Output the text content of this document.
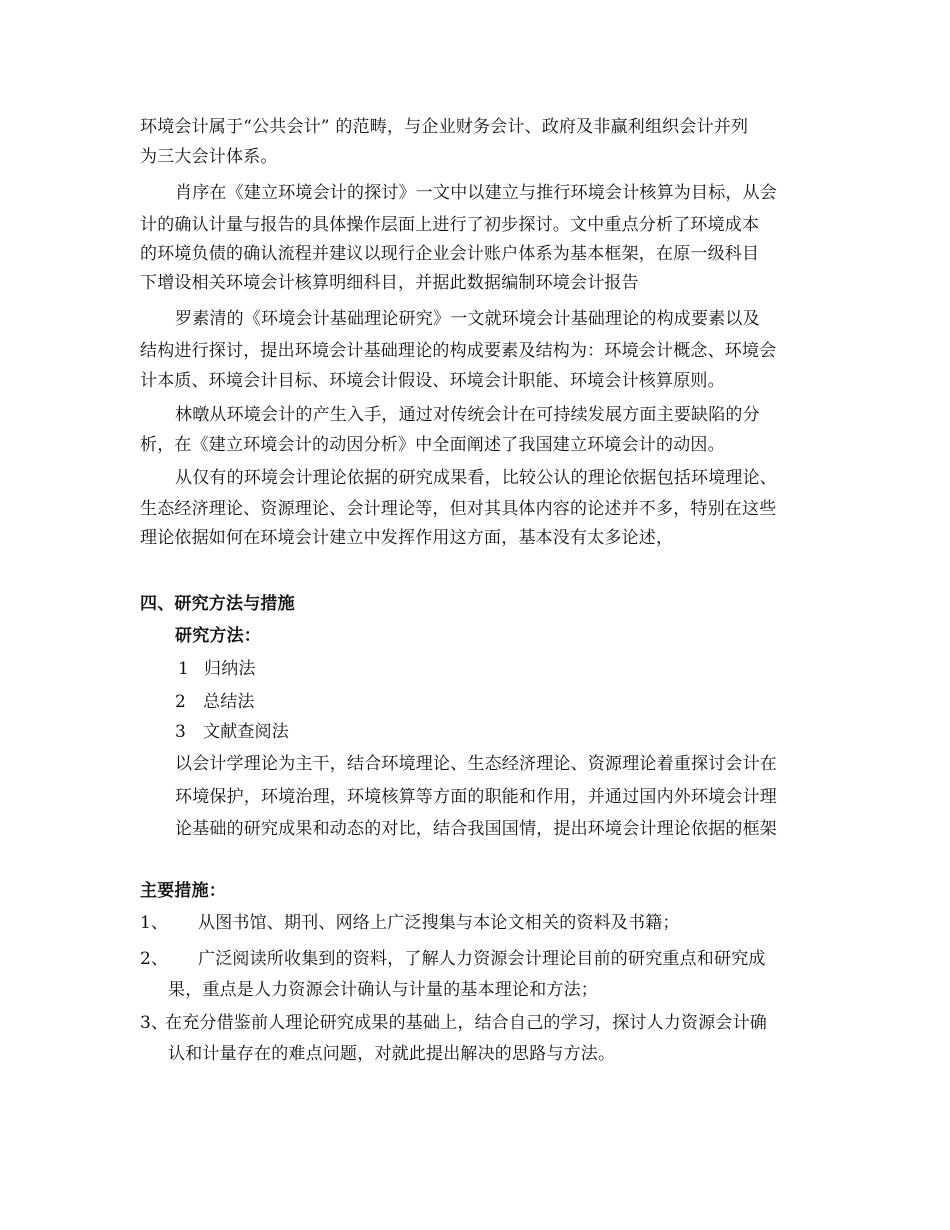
环境会计属于“公共会计” 的范畴，与企业财务会计、政府及非赢利组织会计并列
为三大会计体系。
肖序在《建立环境会计的探讨》一文中以建立与推行环境会计核算为目标，从会
计的确认计量与报告的具体操作层面上进行了初步探讨。文中重点分析了环境成本
的环境负债的确认流程并建议以现行企业会计账户体系为基本框架，在原一级科目
下增设相关环境会计核算明细科目，并据此数据编制环境会计报告
罗素清的《环境会计基础理论研究》一文就环境会计基础理论的构成要素以及
结构进行探讨，提出环境会计基础理论的构成要素及结构为：环境会计概念、环境会
计本质、环境会计目标、环境会计假设、环境会计职能、环境会计核算原则。
林暾从环境会计的产生入手，通过对传统会计在可持续发展方面主要缺陷的分
析，在《建立环境会计的动因分析》中全面阐述了我国建立环境会计的动因。
从仅有的环境会计理论依据的研究成果看，比较公认的理论依据包括环境理论、
生态经济理论、资源理论、会计理论等，但对其具体内容的论述并不多，特别在这些
理论依据如何在环境会计建立中发挥作用这方面，基本没有太多论述，
四、研究方法与措施
研究方法：
1 归纳法
2 总结法
3 文献查阅法
以会计学理论为主干，结合环境理论、生态经济理论、资源理论着重探讨会计在
环境保护，环境治理，环境核算等方面的职能和作用，并通过国内外环境会计理
论基础的研究成果和动态的对比，结合我国国情，提出环境会计理论依据的框架
主要措施：
1、 从图书馆、期刊、网络上广泛搜集与本论文相关的资料及书籍；
2、 广泛阅读所收集到的资料，了解人力资源会计理论目前的研究重点和研究成
果，重点是人力资源会计确认与计量的基本理论和方法；
3、
在充分借鉴前人理论研究成果的基础上，结合自己的学习，探讨人力资源会计确
认和计量存在的难点问题，对就此提出解决的思路与方法。
